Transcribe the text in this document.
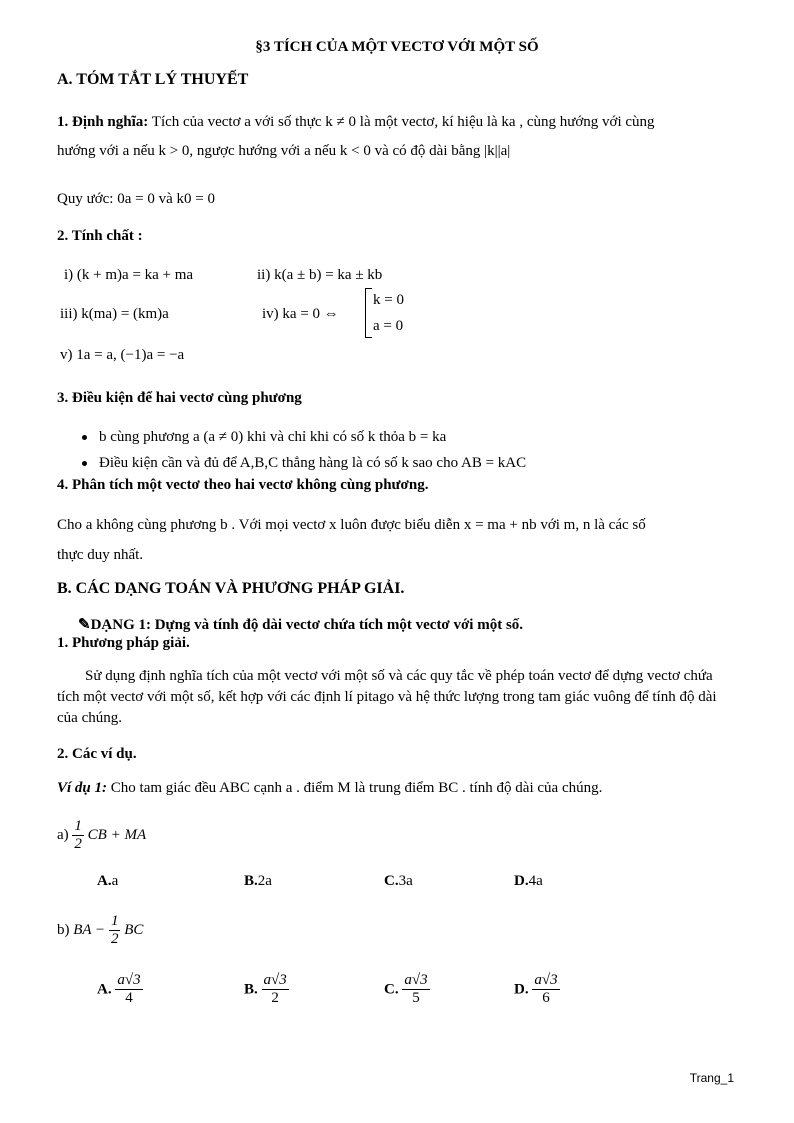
§3 TÍCH CỦA MỘT VECTƠ VỚI MỘT SỐ
A. TÓM TẮT LÝ THUYẾT
1. Định nghĩa: Tích của vectơ a với số thực k ≠ 0 là một vectơ, kí hiệu là ka , cùng hướng với cùng
hướng với a nếu k > 0, ngược hướng với a nếu k < 0 và có độ dài bằng |k||a|
Quy ước: 0a = 0 và k0 = 0
2. Tính chất :
i) (k + m)a = ka + ma	ii) k(a ± b) = ka ± kb
iii) k(ma) = (km)a	iv) ka = 0 ⇔
k = 0
a = 0
v) 1a = a, (−1)a = −a
3. Điều kiện để hai vectơ cùng phương
b cùng phương a (a ≠ 0) khi và chỉ khi có số k thỏa b = ka
Điều kiện cần và đủ để A,B,C thẳng hàng là có số k sao cho AB = kAC
4. Phân tích một vectơ theo hai vectơ không cùng phương.
Cho a không cùng phương b . Với mọi vectơ x luôn được biểu diễn x = ma + nb với m, n là các số
thực duy nhất.
B. CÁC DẠNG TOÁN VÀ PHƯƠNG PHÁP GIẢI.
✎DẠNG 1: Dựng và tính độ dài vectơ chứa tích một vectơ với một số.
1. Phương pháp giải.
Sử dụng định nghĩa tích của một vectơ với một số và các quy tắc về phép toán vectơ để dựng vectơ chứa tích một vectơ với một số, kết hợp với các định lí pitago và hệ thức lượng trong tam giác vuông để tính độ dài của chúng.
2. Các ví dụ.
Ví dụ 1: Cho tam giác đều ABC cạnh a . điểm M là trung điểm BC . tính độ dài của chúng.
$a) \frac{1}{2}$ CB + MA
A.a	B.2a	C.3a	D.4a
b) BA − $\frac{1}{2}$ BC
A. $\frac{a√3}{4}$	B. $\frac{a√3}{2}$	C. $\frac{a√3}{5}$	D. $\frac{a√3}{6}$
Trang_1
